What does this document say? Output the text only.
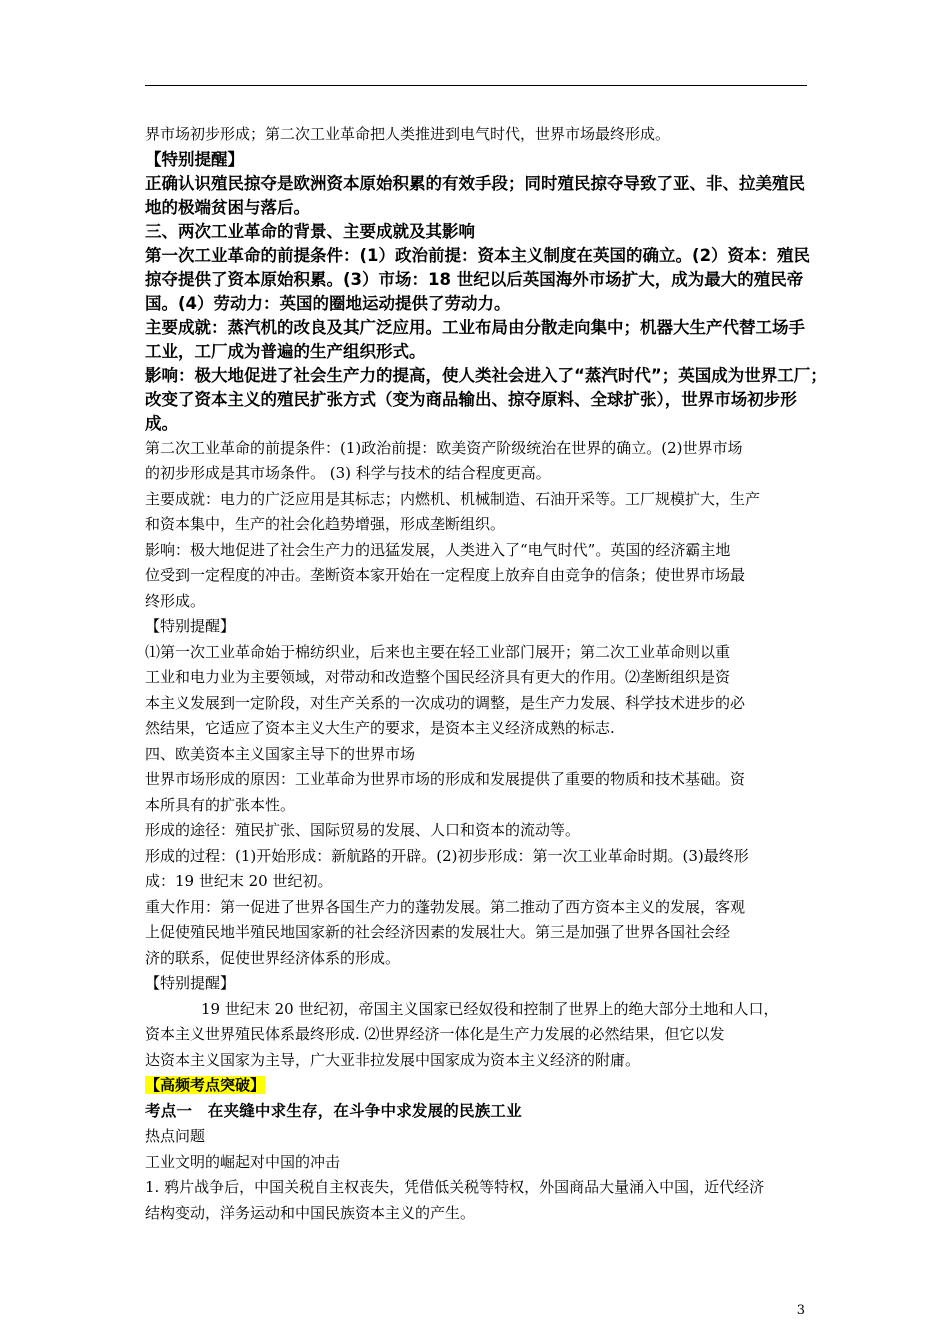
界市场初步形成；第二次工业革命把人类推进到电气时代，世界市场最终形成。
【特别提醒】
正确认识殖民掠夺是欧洲资本原始积累的有效手段；同时殖民掠夺导致了亚、非、拉美殖民
地的极端贫困与落后。
三、两次工业革命的背景、主要成就及其影响
第一次工业革命的前提条件：(1）政治前提：资本主义制度在英国的确立。(2）资本：殖民
掠夺提供了资本原始积累。(3）市场：18 世纪以后英国海外市场扩大，成为最大的殖民帝
国。(4）劳动力：英国的圈地运动提供了劳动力。
主要成就：蒸汽机的改良及其广泛应用。工业布局由分散走向集中；机器大生产代替工场手
工业，工厂成为普遍的生产组织形式。
影响：极大地促进了社会生产力的提高，使人类社会进入了“蒸汽时代”；英国成为世界工厂；
改变了资本主义的殖民扩张方式（变为商品输出、掠夺原料、全球扩张），世界市场初步形
成。
第二次工业革命的前提条件：(1)政治前提：欧美资产阶级统治在世界的确立。(2)世界市场
的初步形成是其市场条件。 (3) 科学与技术的结合程度更高。
主要成就：电力的广泛应用是其标志；内燃机、机械制造、石油开采等。工厂规模扩大，生产
和资本集中，生产的社会化趋势增强，形成垄断组织。
影响：极大地促进了社会生产力的迅猛发展，人类进入了“电气时代”。英国的经济霸主地
位受到一定程度的冲击。垄断资本家开始在一定程度上放弃自由竞争的信条；使世界市场最
终形成。
【特别提醒】
⑴第一次工业革命始于棉纺织业，后来也主要在轻工业部门展开；第二次工业革命则以重
工业和电力业为主要领域，对带动和改造整个国民经济具有更大的作用。⑵垄断组织是资
本主义发展到一定阶段，对生产关系的一次成功的调整，是生产力发展、科学技术进步的必
然结果，它适应了资本主义大生产的要求，是资本主义经济成熟的标志.
四、欧美资本主义国家主导下的世界市场
世界市场形成的原因：工业革命为世界市场的形成和发展提供了重要的物质和技术基础。资
本所具有的扩张本性。
形成的途径：殖民扩张、国际贸易的发展、人口和资本的流动等。
形成的过程：(1)开始形成：新航路的开辟。(2)初步形成：第一次工业革命时期。(3)最终形
成：19 世纪末 20 世纪初。
重大作用：第一促进了世界各国生产力的蓬勃发展。第二推动了西方资本主义的发展，客观
上促使殖民地半殖民地国家新的社会经济因素的发展壮大。第三是加强了世界各国社会经
济的联系，促使世界经济体系的形成。
【特别提醒】
19 世纪末 20 世纪初，帝国主义国家已经奴役和控制了世界上的绝大部分土地和人口，
资本主义世界殖民体系最终形成. ⑵世界经济一体化是生产力发展的必然结果，但它以发
达资本主义国家为主导，广大亚非拉发展中国家成为资本主义经济的附庸。
【高频考点突破】
考点一　在夹缝中求生存，在斗争中求发展的民族工业
热点问题
工业文明的崛起对中国的冲击
1. 鸦片战争后，中国关税自主权丧失，凭借低关税等特权，外国商品大量涌入中国，近代经济
结构变动，洋务运动和中国民族资本主义的产生。
3
